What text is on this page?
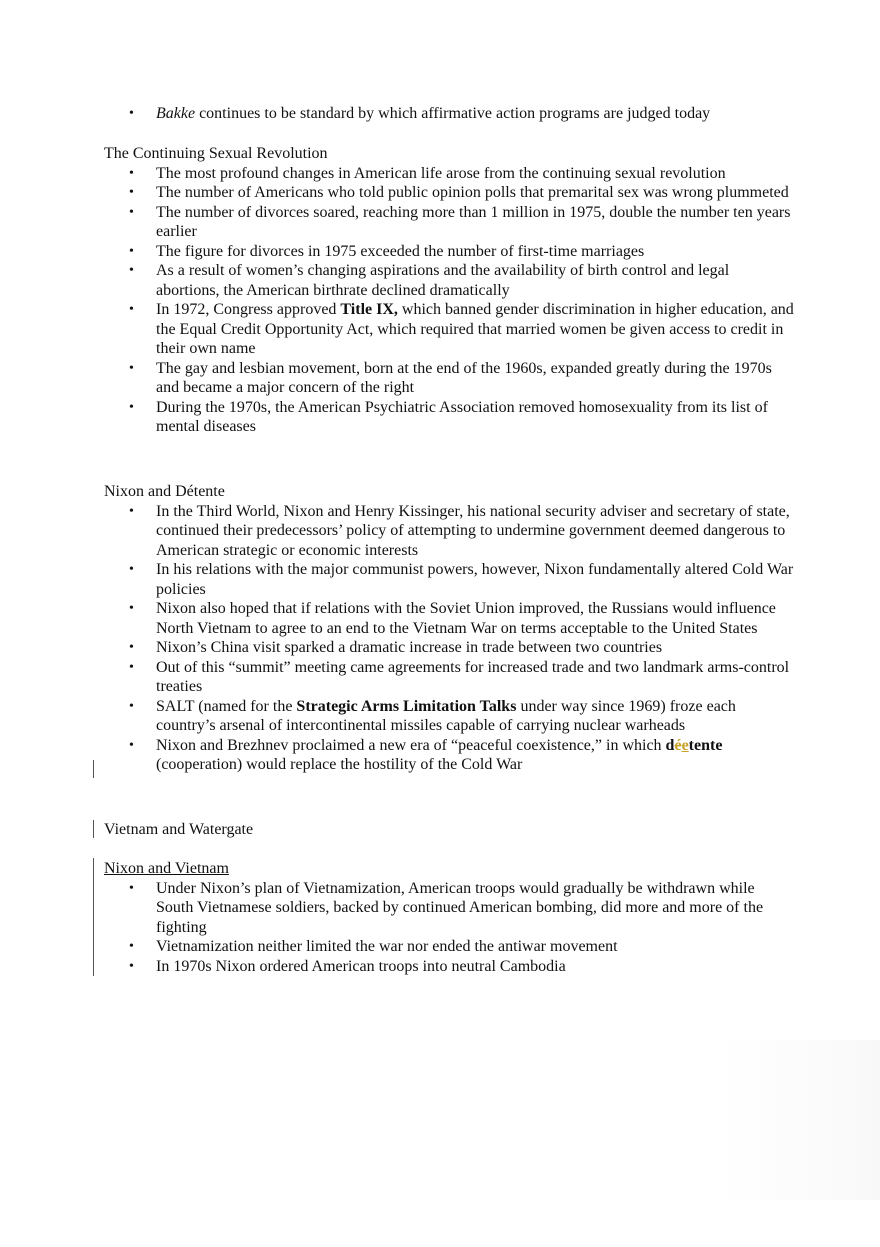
• Bakke continues to be standard by which affirmative action programs are judged today

The Continuing Sexual Revolution

• The most profound changes in American life arose from the continuing sexual revolution
• The number of Americans who told public opinion polls that premarital sex was wrong plummeted
• The number of divorces soared, reaching more than 1 million in 1975, double the number ten years earlier
• The figure for divorces in 1975 exceeded the number of first-time marriages
• As a result of women’s changing aspirations and the availability of birth control and legal abortions, the American birthrate declined dramatically
• In 1972, Congress approved Title IX, which banned gender discrimination in higher education, and the Equal Credit Opportunity Act, which required that married women be given access to credit in their own name
• The gay and lesbian movement, born at the end of the 1960s, expanded greatly during the 1970s and became a major concern of the right
• During the 1970s, the American Psychiatric Association removed homosexuality from its list of mental diseases

Nixon and Détente

• In the Third World, Nixon and Henry Kissinger, his national security adviser and secretary of state, continued their predecessors’ policy of attempting to undermine government deemed dangerous to American strategic or economic interests
• In his relations with the major communist powers, however, Nixon fundamentally altered Cold War policies
• Nixon also hoped that if relations with the Soviet Union improved, the Russians would influence North Vietnam to agree to an end to the Vietnam War on terms acceptable to the United States
• Nixon’s China visit sparked a dramatic increase in trade between two countries
• Out of this “summit” meeting came agreements for increased trade and two landmark arms-control treaties
• SALT (named for the Strategic Arms Limitation Talks under way since 1969) froze each country’s arsenal of intercontinental missiles capable of carrying nuclear warheads
• Nixon and Brezhnev proclaimed a new era of “peaceful coexistence,” in which déetente (cooperation) would replace the hostility of the Cold War

Vietnam and Watergate

Nixon and Vietnam

• Under Nixon’s plan of Vietnamization, American troops would gradually be withdrawn while South Vietnamese soldiers, backed by continued American bombing, did more and more of the fighting
• Vietnamization neither limited the war nor ended the antiwar movement
• In 1970s Nixon ordered American troops into neutral Cambodia
